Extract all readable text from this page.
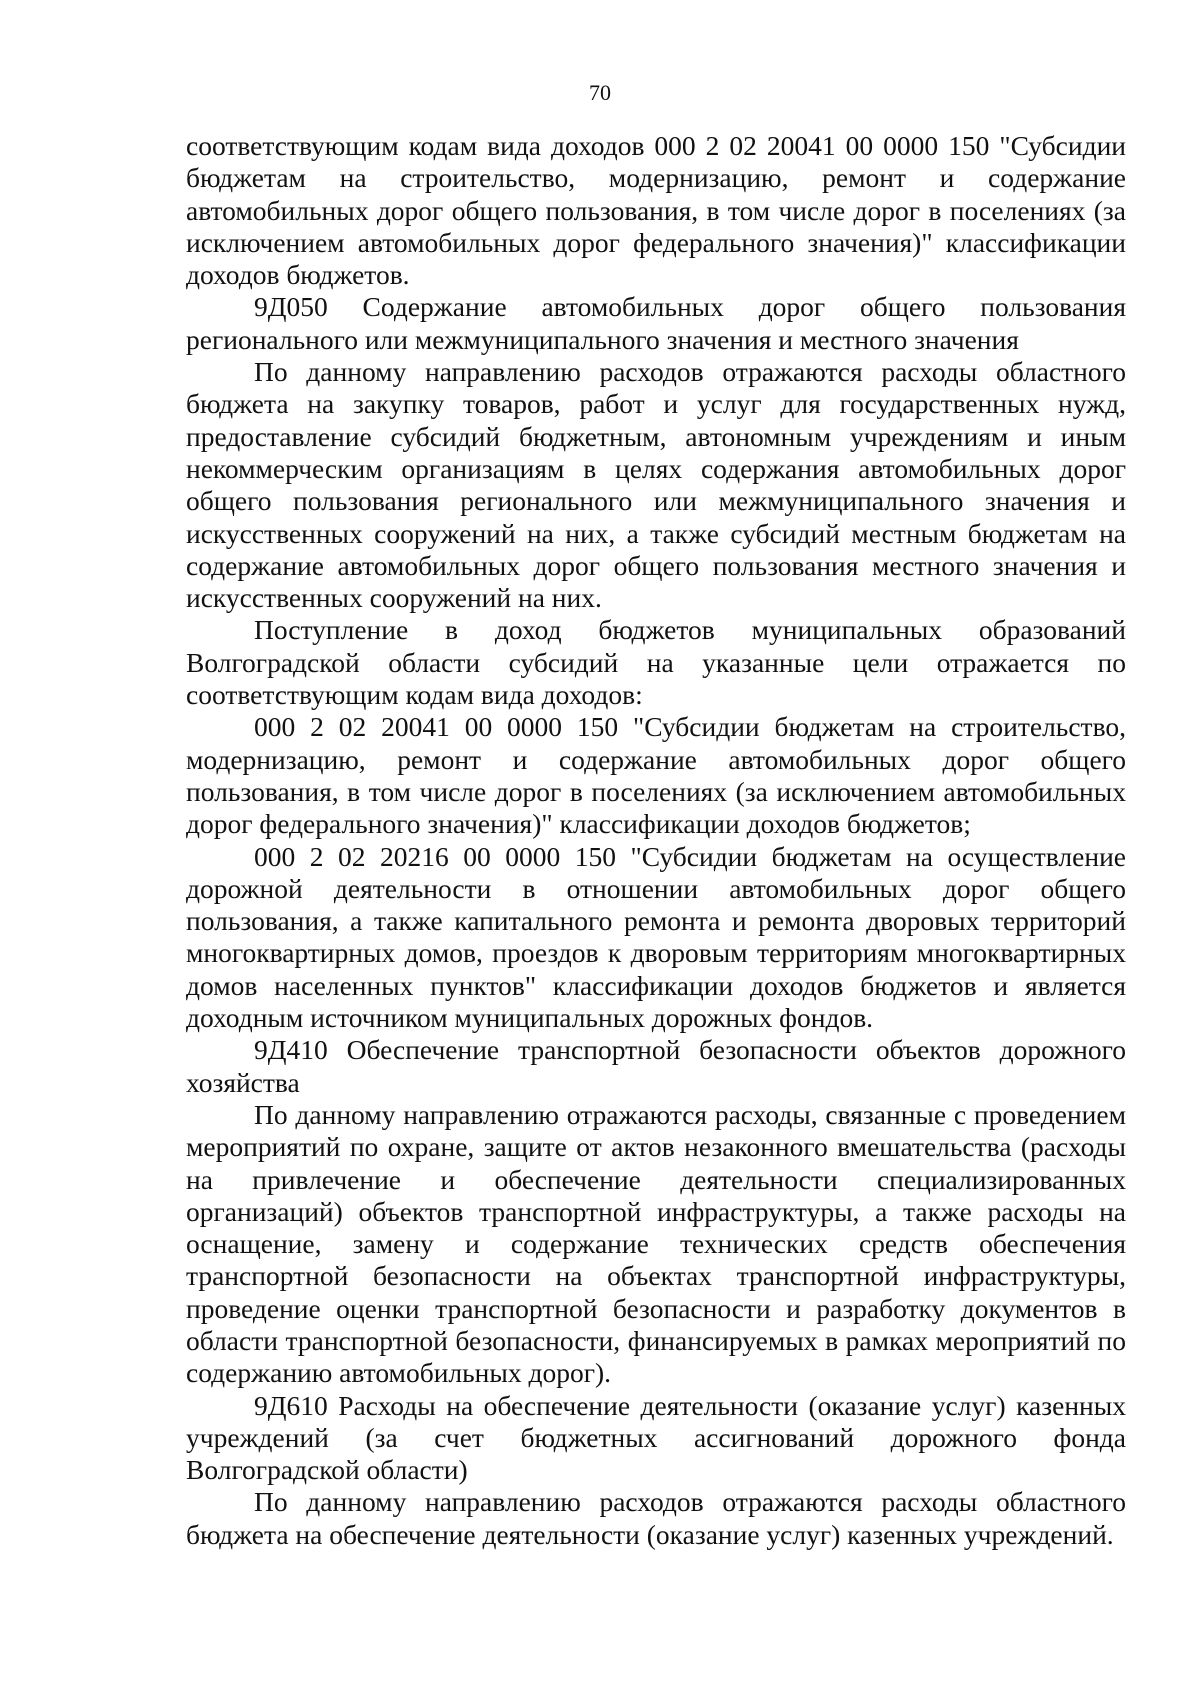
70

соответствующим кодам вида доходов 000 2 02 20041 00 0000 150 "Субсидии бюджетам на строительство, модернизацию, ремонт и содержание автомобильных дорог общего пользования, в том числе дорог в поселениях (за исключением автомобильных дорог федерального значения)" классификации доходов бюджетов.

9Д050 Содержание автомобильных дорог общего пользования регионального или межмуниципального значения и местного значения

По данному направлению расходов отражаются расходы областного бюджета на закупку товаров, работ и услуг для государственных нужд, предоставление субсидий бюджетным, автономным учреждениям и иным некоммерческим организациям в целях содержания автомобильных дорог общего пользования регионального или межмуниципального значения и искусственных сооружений на них, а также субсидий местным бюджетам на содержание автомобильных дорог общего пользования местного значения и искусственных сооружений на них.

Поступление в доход бюджетов муниципальных образований Волгоградской области субсидий на указанные цели отражается по соответствующим кодам вида доходов:

000 2 02 20041 00 0000 150 "Субсидии бюджетам на строительство, модернизацию, ремонт и содержание автомобильных дорог общего пользования, в том числе дорог в поселениях (за исключением автомобильных дорог федерального значения)" классификации доходов бюджетов;

000 2 02 20216 00 0000 150 "Субсидии бюджетам на осуществление дорожной деятельности в отношении автомобильных дорог общего пользования, а также капитального ремонта и ремонта дворовых территорий многоквартирных домов, проездов к дворовым территориям многоквартирных домов населенных пунктов" классификации доходов бюджетов и является доходным источником муниципальных дорожных фондов.

9Д410 Обеспечение транспортной безопасности объектов дорожного хозяйства

По данному направлению отражаются расходы, связанные с проведением мероприятий по охране, защите от актов незаконного вмешательства (расходы на привлечение и обеспечение деятельности специализированных организаций) объектов транспортной инфраструктуры, а также расходы на оснащение, замену и содержание технических средств обеспечения транспортной безопасности на объектах транспортной инфраструктуры, проведение оценки транспортной безопасности и разработку документов в области транспортной безопасности, финансируемых в рамках мероприятий по содержанию автомобильных дорог).

9Д610 Расходы на обеспечение деятельности (оказание услуг) казенных учреждений (за счет бюджетных ассигнований дорожного фонда Волгоградской области)

По данному направлению расходов отражаются расходы областного бюджета на обеспечение деятельности (оказание услуг) казенных учреждений.
